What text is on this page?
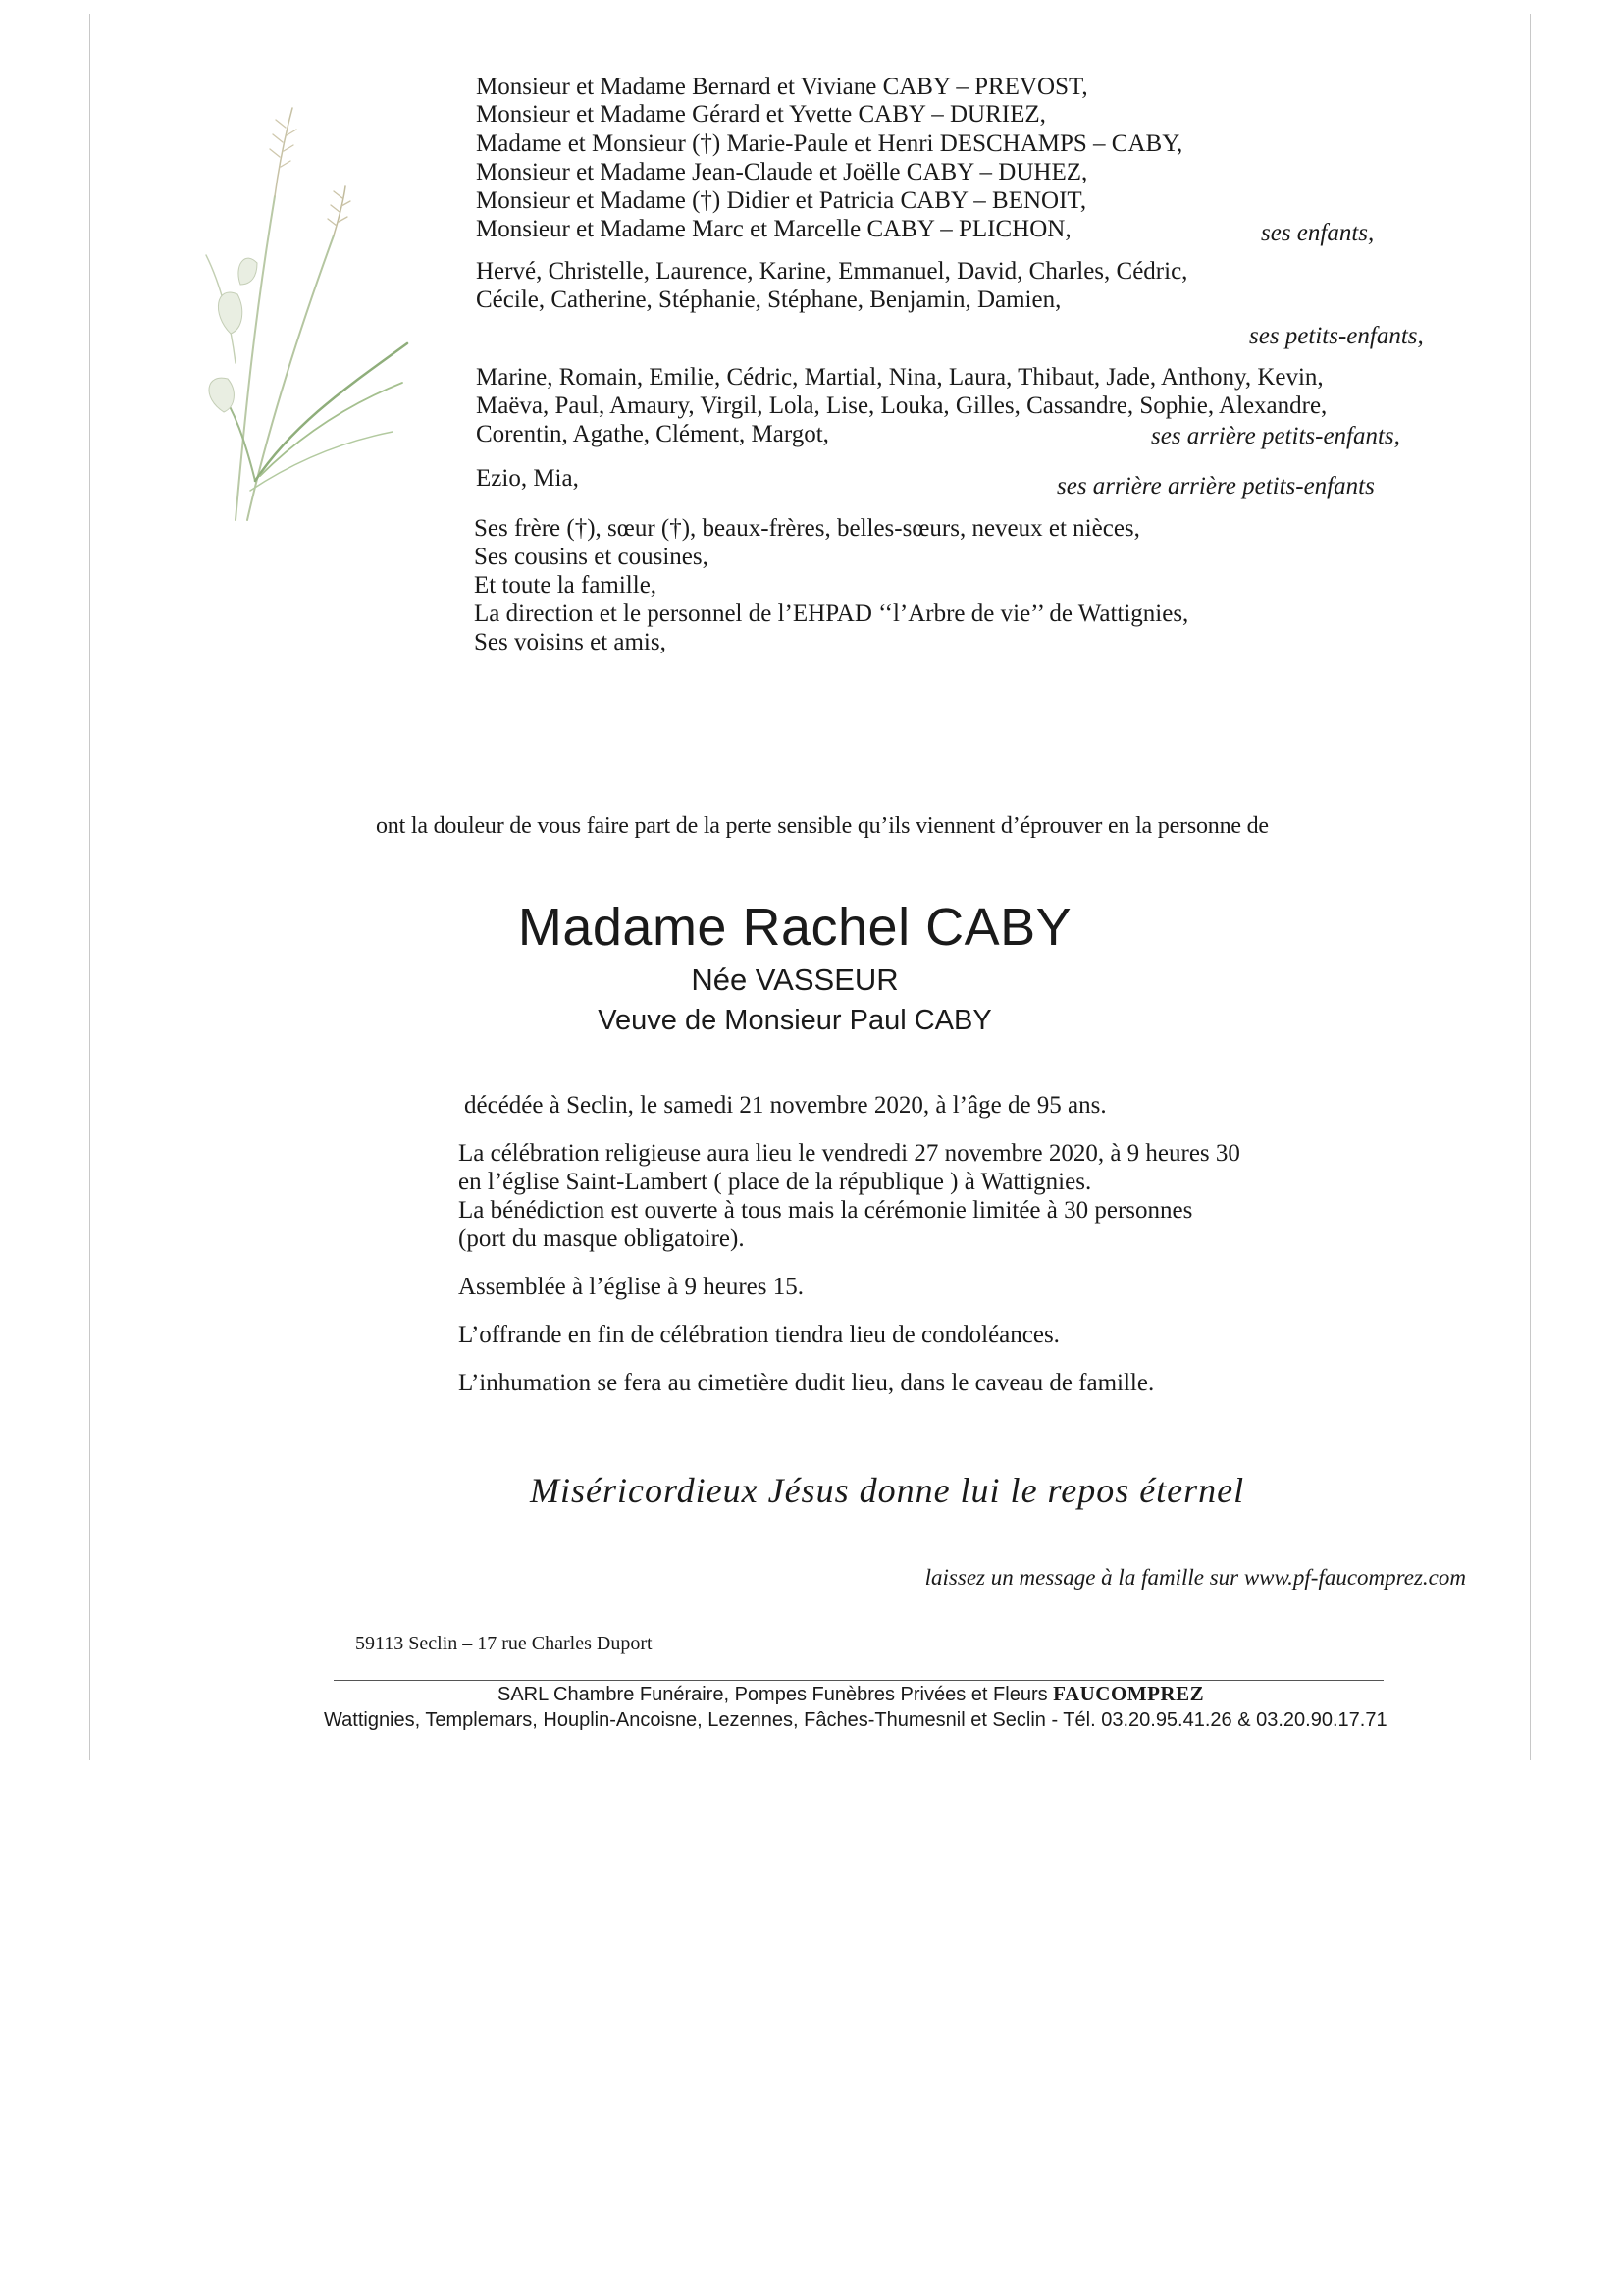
Monsieur et Madame Bernard et Viviane CABY – PREVOST,
Monsieur et Madame Gérard et Yvette CABY – DURIEZ,
Madame et Monsieur (†) Marie-Paule et Henri DESCHAMPS – CABY,
Monsieur et Madame Jean-Claude et Joëlle CABY – DUHEZ,
Monsieur et Madame (†) Didier et Patricia CABY – BENOIT,
Monsieur et Madame Marc et Marcelle CABY – PLICHON,	ses enfants,
Hervé, Christelle, Laurence, Karine, Emmanuel, David, Charles, Cédric,
Cécile, Catherine, Stéphanie, Stéphane, Benjamin, Damien,
ses petits-enfants,
Marine, Romain, Emilie, Cédric, Martial, Nina, Laura, Thibaut, Jade, Anthony, Kevin,
Maëva, Paul, Amaury, Virgil, Lola, Lise, Louka, Gilles, Cassandre, Sophie, Alexandre,
Corentin, Agathe, Clément, Margot,	ses arrière petits-enfants,
Ezio, Mia,	ses arrière arrière petits-enfants
Ses frère (†), sœur (†), beaux-frères, belles-sœurs, neveux et nièces,
Ses cousins et cousines,
Et toute la famille,
La direction et le personnel de l’EHPAD ‘‘l’Arbre de vie’’ de Wattignies,
Ses voisins et amis,
ont la douleur de vous faire part de la perte sensible qu’ils viennent d’éprouver en la personne de
Madame Rachel CABY
Née VASSEUR
Veuve de Monsieur Paul CABY
décédée à Seclin, le samedi 21 novembre 2020, à l’âge de 95 ans.
La célébration religieuse aura lieu le vendredi 27 novembre 2020, à 9 heures 30
en l’église Saint-Lambert ( place de la république ) à Wattignies.
La bénédiction est ouverte à tous mais la cérémonie limitée à 30 personnes
(port du masque obligatoire).
Assemblée à l’église à 9 heures 15.
L’offrande en fin de célébration tiendra lieu de condoléances.
L’inhumation se fera au cimetière dudit lieu, dans le caveau de famille.
Miséricordieux Jésus donne lui le repos éternel
laissez un message à la famille sur www.pf-faucomprez.com
59113 Seclin – 17 rue Charles Duport
SARL Chambre Funéraire, Pompes Funèbres Privées et Fleurs FAUCOMPREZ
Wattignies, Templemars, Houplin-Ancoisne, Lezennes, Fâches-Thumesnil et Seclin - Tél. 03.20.95.41.26 & 03.20.90.17.71
